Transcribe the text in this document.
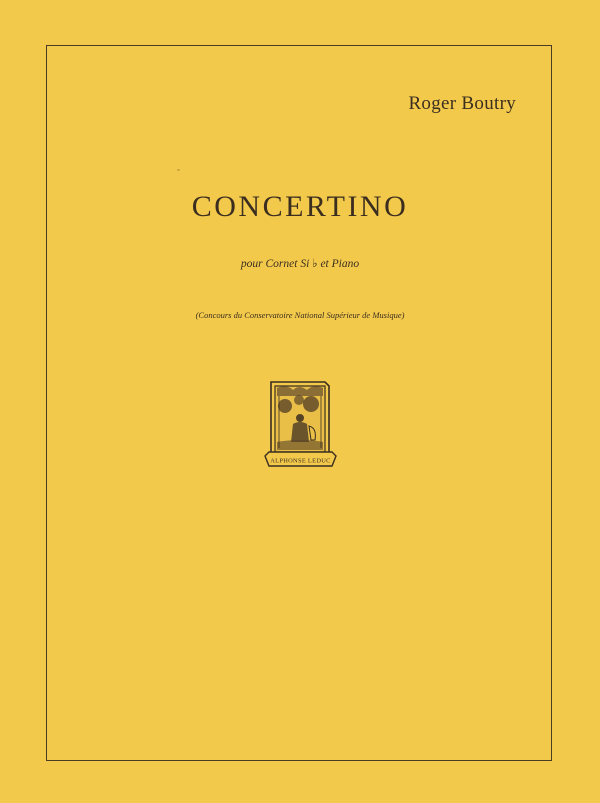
Roger Boutry
CONCERTINO
pour Cornet Si ♭ et Piano
(Concours du Conservatoire National Supérieur de Musique)
ALPHONSE LEDUC
